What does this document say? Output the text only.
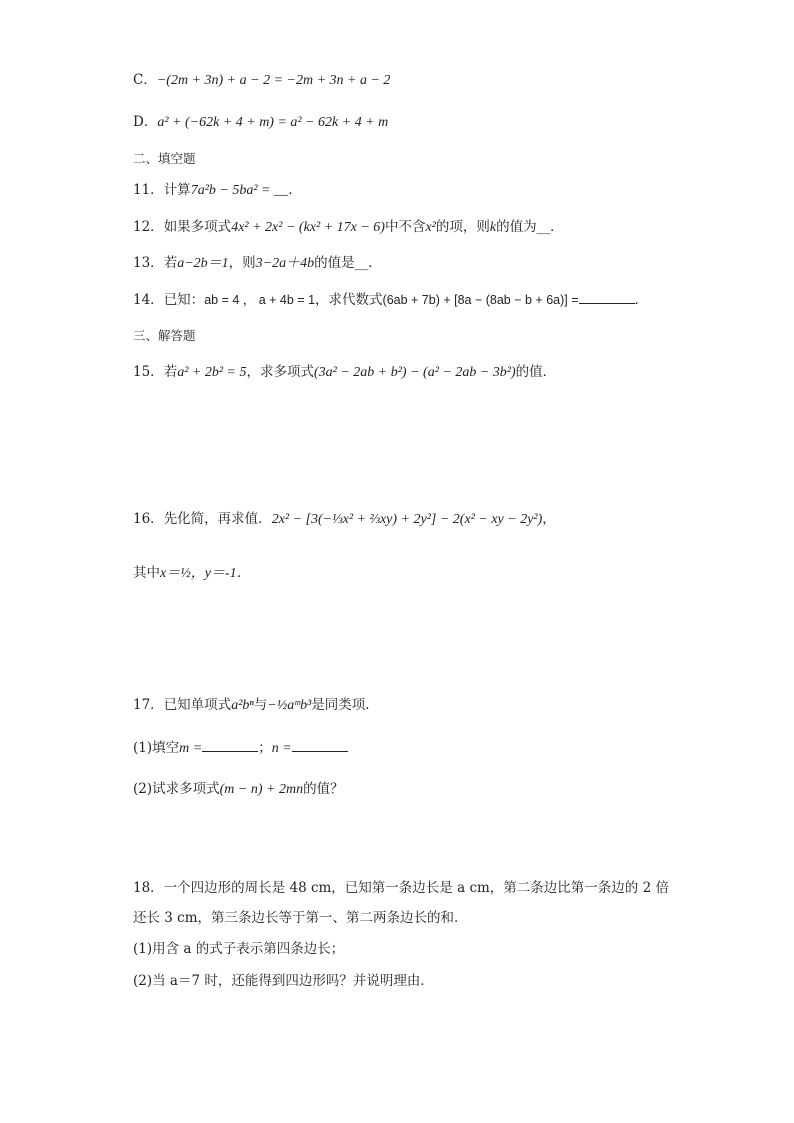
C．−(2m + 3n) + a − 2 = −2m + 3n + a − 2
D．a² + (−62k + 4 + m) = a² − 62k + 4 + m
二、填空题
11．计算7a²b − 5ba² = __．
12．如果多项式4x² + 2x² − (kx² + 17x − 6)中不含x²的项，则k的值为__．
13．若a−2b＝1，则3−2a＋4b的值是__．
14．已知：ab = 4 ， a + 4b = 1，求代数式(6ab + 7b) + [8a − (8ab − b + 6a)] =	．
三、解答题
15．若a² + 2b² = 5，求多项式(3a² − 2ab + b²) − (a² − 2ab − 3b²)的值．
16．先化简，再求值．2x² − [3(−⅓x² + ⅔xy) + 2y²] − 2(x² − xy − 2y²)，
其中x＝½，y＝-1．
17．已知单项式a²bⁿ与−½aᵐb³是同类项．
(1)填空m =	；n =
(2)试求多项式(m − n) + 2mn的值？
18．一个四边形的周长是 48 cm，已知第一条边长是 a cm，第二条边比第一条边的 2 倍
还长 3 cm，第三条边长等于第一、第二两条边长的和．
(1)用含 a 的式子表示第四条边长；
(2)当 a＝7 时，还能得到四边形吗？并说明理由．
